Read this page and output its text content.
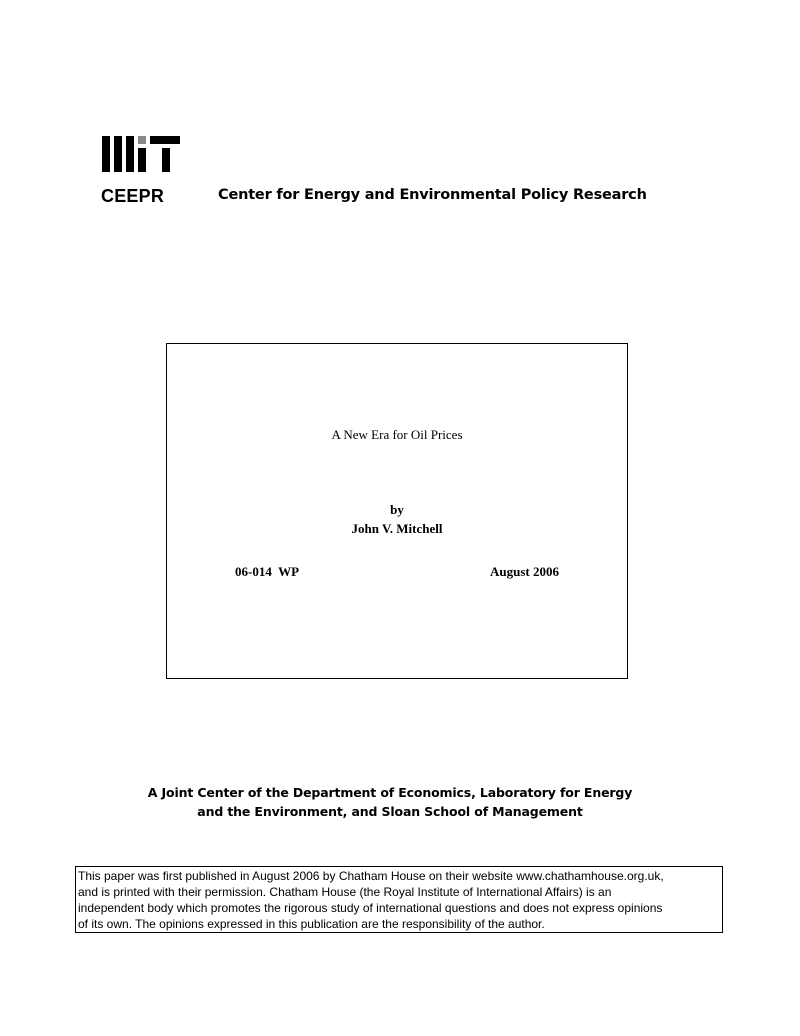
CEEPR	Center for Energy and Environmental Policy Research
A New Era for Oil Prices
by
John V. Mitchell
06-014  WP	August 2006
A Joint Center of the Department of Economics, Laboratory for Energy
and the Environment, and Sloan School of Management
This paper was first published in August 2006 by Chatham House on their website www.chathamhouse.org.uk,
and is printed with their permission. Chatham House (the Royal Institute of International Affairs) is an
independent body which promotes the rigorous study of international questions and does not express opinions
of its own. The opinions expressed in this publication are the responsibility of the author.
